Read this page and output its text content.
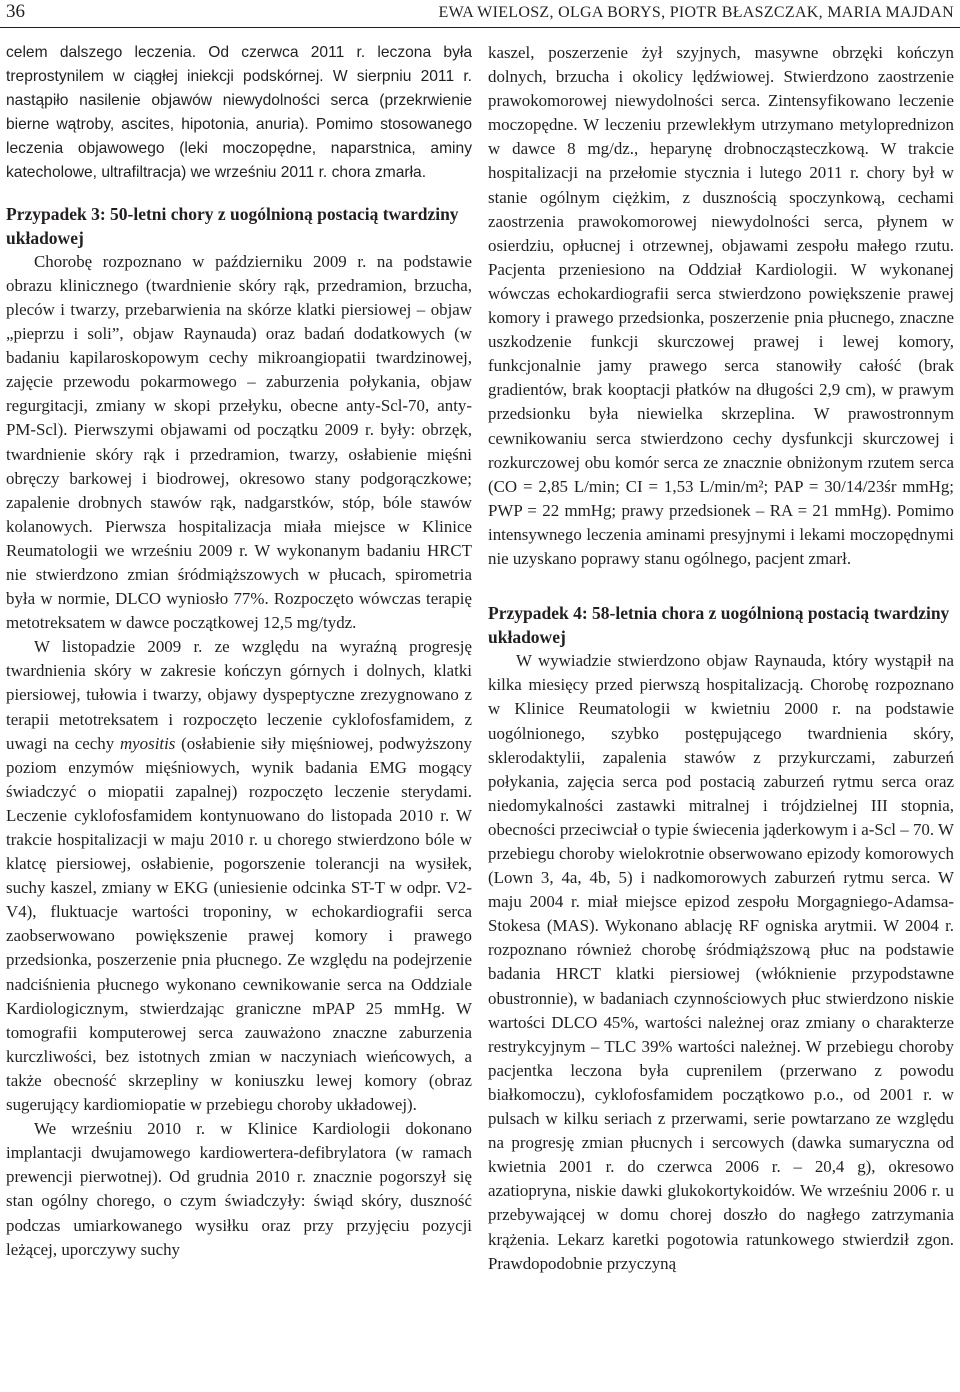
36	EWA WIELOSZ, OLGA BORYS, PIOTR BŁASZCZAK, MARIA MAJDAN

celem dalszego leczenia. Od czerwca 2011 r. leczona była treprostynilem w ciągłej iniekcji podskórnej. W sierpniu 2011 r. nastąpiło nasilenie objawów niewydolności serca (przekrwienie bierne wątroby, ascites, hipotonia, anuria). Pomimo stosowanego leczenia objawowego (leki moczopędne, naparstnica, aminy katecholowe, ultrafiltracja) we wrześniu 2011 r. chora zmarła.

Przypadek 3: 50-letni chory z uogólnioną postacią twardziny układowej

Chorobę rozpoznano w październiku 2009 r. na podstawie obrazu klinicznego (twardnienie skóry rąk, przedramion, brzucha, pleców i twarzy, przebarwienia na skórze klatki piersiowej – objaw „pieprzu i soli”, objaw Raynauda) oraz badań dodatkowych (w badaniu kapilaroskopowym cechy mikroangiopatii twardzinowej, zajęcie przewodu pokarmowego – zaburzenia połykania, objaw regurgitacji, zmiany w skopi przełyku, obecne anty-Scl-70, anty-PM-Scl). Pierwszymi objawami od początku 2009 r. były: obrzęk, twardnienie skóry rąk i przedramion, twarzy, osłabienie mięśni obręczy barkowej i biodrowej, okresowo stany podgorączkowe; zapalenie drobnych stawów rąk, nadgarstków, stóp, bóle stawów kolanowych. Pierwsza hospitalizacja miała miejsce w Klinice Reumatologii we wrześniu 2009 r. W wykonanym badaniu HRCT nie stwierdzono zmian śródmiąższowych w płucach, spirometria była w normie, DLCO wyniosło 77%. Rozpoczęto wówczas terapię metotreksatem w dawce początkowej 12,5 mg/tydz.

W listopadzie 2009 r. ze względu na wyraźną progresję twardnienia skóry w zakresie kończyn górnych i dolnych, klatki piersiowej, tułowia i twarzy, objawy dyspeptyczne zrezygnowano z terapii metotreksatem i rozpoczęto leczenie cyklofosfamidem, z uwagi na cechy myositis (osłabienie siły mięśniowej, podwyższony poziom enzymów mięśniowych, wynik badania EMG mogący świadczyć o miopatii zapalnej) rozpoczęto leczenie sterydami. Leczenie cyklofosfamidem kontynuowano do listopada 2010 r. W trakcie hospitalizacji w maju 2010 r. u chorego stwierdzono bóle w klatcę piersiowej, osłabienie, pogorszenie tolerancji na wysiłek, suchy kaszel, zmiany w EKG (uniesienie odcinka ST-T w odpr. V2-V4), fluktuacje wartości troponiny, w echokardiografii serca zaobserwowano powiększenie prawej komory i prawego przedsionka, poszerzenie pnia płucnego. Ze względu na podejrzenie nadciśnienia płucnego wykonano cewnikowanie serca na Oddziale Kardiologicznym, stwierdzając graniczne mPAP 25 mmHg. W tomografii komputerowej serca zauważono znaczne zaburzenia kurczliwości, bez istotnych zmian w naczyniach wieńcowych, a także obecność skrzepliny w koniuszku lewej komory (obraz sugerujący kardiomiopatie w przebiegu choroby układowej).

We wrześniu 2010 r. w Klinice Kardiologii dokonano implantacji dwujamowego kardiowertera-defibrylatora (w ramach prewencji pierwotnej). Od grudnia 2010 r. znacznie pogorszył się stan ogólny chorego, o czym świadczyły: świąd skóry, duszność podczas umiarkowanego wysiłku oraz przy przyjęciu pozycji leżącej, uporczywy suchy

kaszel, poszerzenie żył szyjnych, masywne obrzęki kończyn dolnych, brzucha i okolicy lędźwiowej. Stwierdzono zaostrzenie prawokomorowej niewydolności serca. Zintensyfikowano leczenie moczopędne. W leczeniu przewlekłym utrzymano metyloprednizon w dawce 8 mg/dz., heparynę drobnocząsteczkową. W trakcie hospitalizacji na przełomie stycznia i lutego 2011 r. chory był w stanie ogólnym ciężkim, z dusznością spoczynkową, cechami zaostrzenia prawokomorowej niewydolności serca, płynem w osierdziu, opłucnej i otrzewnej, objawami zespołu małego rzutu. Pacjenta przeniesiono na Oddział Kardiologii. W wykonanej wówczas echokardiografii serca stwierdzono powiększenie prawej komory i prawego przedsionka, poszerzenie pnia płucnego, znaczne uszkodzenie funkcji skurczowej prawej i lewej komory, funkcjonalnie jamy prawego serca stanowiły całość (brak gradientów, brak kooptacji płatków na długości 2,9 cm), w prawym przedsionku była niewielka skrzeplina. W prawostronnym cewnikowaniu serca stwierdzono cechy dysfunkcji skurczowej i rozkurczowej obu komór serca ze znacznie obniżonym rzutem serca (CO = 2,85 L/min; CI = 1,53 L/min/m²; PAP = 30/14/23śr mmHg; PWP = 22 mmHg; prawy przedsionek – RA = 21 mmHg). Pomimo intensywnego leczenia aminami presyjnymi i lekami moczopędnymi nie uzyskano poprawy stanu ogólnego, pacjent zmarł.

Przypadek 4: 58-letnia chora z uogólnioną postacią twardziny układowej

W wywiadzie stwierdzono objaw Raynauda, który wystąpił na kilka miesięcy przed pierwszą hospitalizacją. Chorobę rozpoznano w Klinice Reumatologii w kwietniu 2000 r. na podstawie uogólnionego, szybko postępującego twardnienia skóry, sklerodaktylii, zapalenia stawów z przykurczami, zaburzeń połykania, zajęcia serca pod postacią zaburzeń rytmu serca oraz niedomykalności zastawki mitralnej i trójdzielnej III stopnia, obecności przeciwciał o typie świecenia jąderkowym i a-Scl – 70. W przebiegu choroby wielokrotnie obserwowano epizody komorowych (Lown 3, 4a, 4b, 5) i nadkomorowych zaburzeń rytmu serca. W maju 2004 r. miał miejsce epizod zespołu Morgagniego-Adamsa-Stokesa (MAS). Wykonano ablację RF ogniska arytmii. W 2004 r. rozpoznano również chorobę śródmiąższową płuc na podstawie badania HRCT klatki piersiowej (włóknienie przypodstawne obustronnie), w badaniach czynnościowych płuc stwierdzono niskie wartości DLCO 45%, wartości należnej oraz zmiany o charakterze restrykcyjnym – TLC 39% wartości należnej. W przebiegu choroby pacjentka leczona była cuprenilem (przerwano z powodu białkomoczu), cyklofosfamidem początkowo p.o., od 2001 r. w pulsach w kilku seriach z przerwami, serie powtarzano ze względu na progresję zmian płucnych i sercowych (dawka sumaryczna od kwietnia 2001 r. do czerwca 2006 r. – 20,4 g), okresowo azatiopryna, niskie dawki glukokortykoidów. We wrześniu 2006 r. u przebywającej w domu chorej doszło do nagłego zatrzymania krążenia. Lekarz karetki pogotowia ratunkowego stwierdził zgon. Prawdopodobnie przyczyną
